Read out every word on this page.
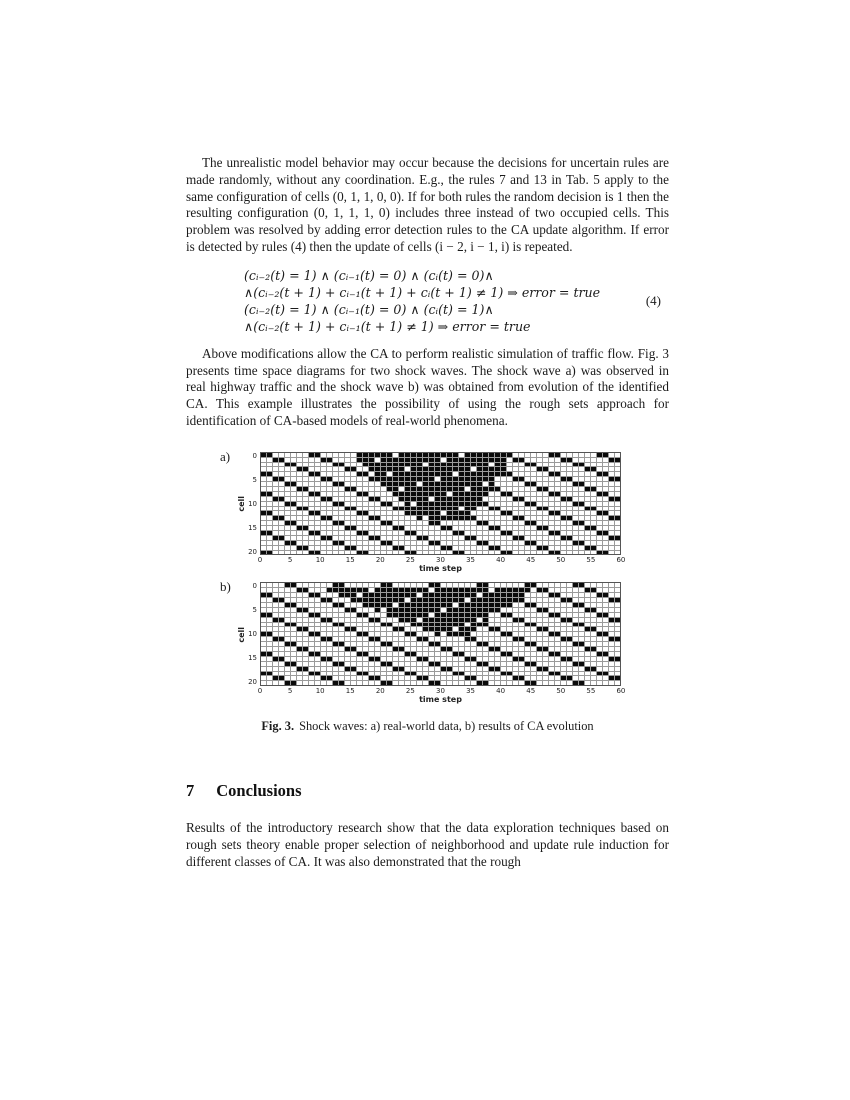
The unrealistic model behavior may occur because the decisions for uncertain rules are made randomly, without any coordination. E.g., the rules 7 and 13 in Tab. 5 apply to the same configuration of cells (0, 1, 1, 0, 0). If for both rules the random decision is 1 then the resulting configuration (0, 1, 1, 1, 0) includes three instead of two occupied cells. This problem was resolved by adding error detection rules to the CA update algorithm. If error is detected by rules (4) then the update of cells (i − 2, i − 1, i) is repeated.

(cᵢ₋₂(t) = 1) ∧ (cᵢ₋₁(t) = 0) ∧ (cᵢ(t) = 0)∧
∧(cᵢ₋₂(t + 1) + cᵢ₋₁(t + 1) + cᵢ(t + 1) ≠ 1) ⇒ error = true
(cᵢ₋₂(t) = 1) ∧ (cᵢ₋₁(t) = 0) ∧ (cᵢ(t) = 1)∧
∧(cᵢ₋₂(t + 1) + cᵢ₋₁(t + 1) ≠ 1) ⇒ error = true
(4)

Above modifications allow the CA to perform realistic simulation of traffic flow. Fig. 3 presents time space diagrams for two shock waves. The shock wave a) was observed in real highway traffic and the shock wave b) was obtained from evolution of the identified CA. This example illustrates the possibility of using the rough sets approach for identification of CA-based models of real-world phenomena.

a)
cell
0
5
10
15
20
0	5	10	15	20	25	30	35	40	45	50	55	60
time step
b)
cell
0
5
10
15
20
0	5	10	15	20	25	30	35	40	45	50	55	60
time step
Fig. 3. Shock waves: a) real-world data, b) results of CA evolution
7 Conclusions

Results of the introductory research show that the data exploration techniques based on rough sets theory enable proper selection of neighborhood and update rule induction for different classes of CA. It was also demonstrated that the rough
